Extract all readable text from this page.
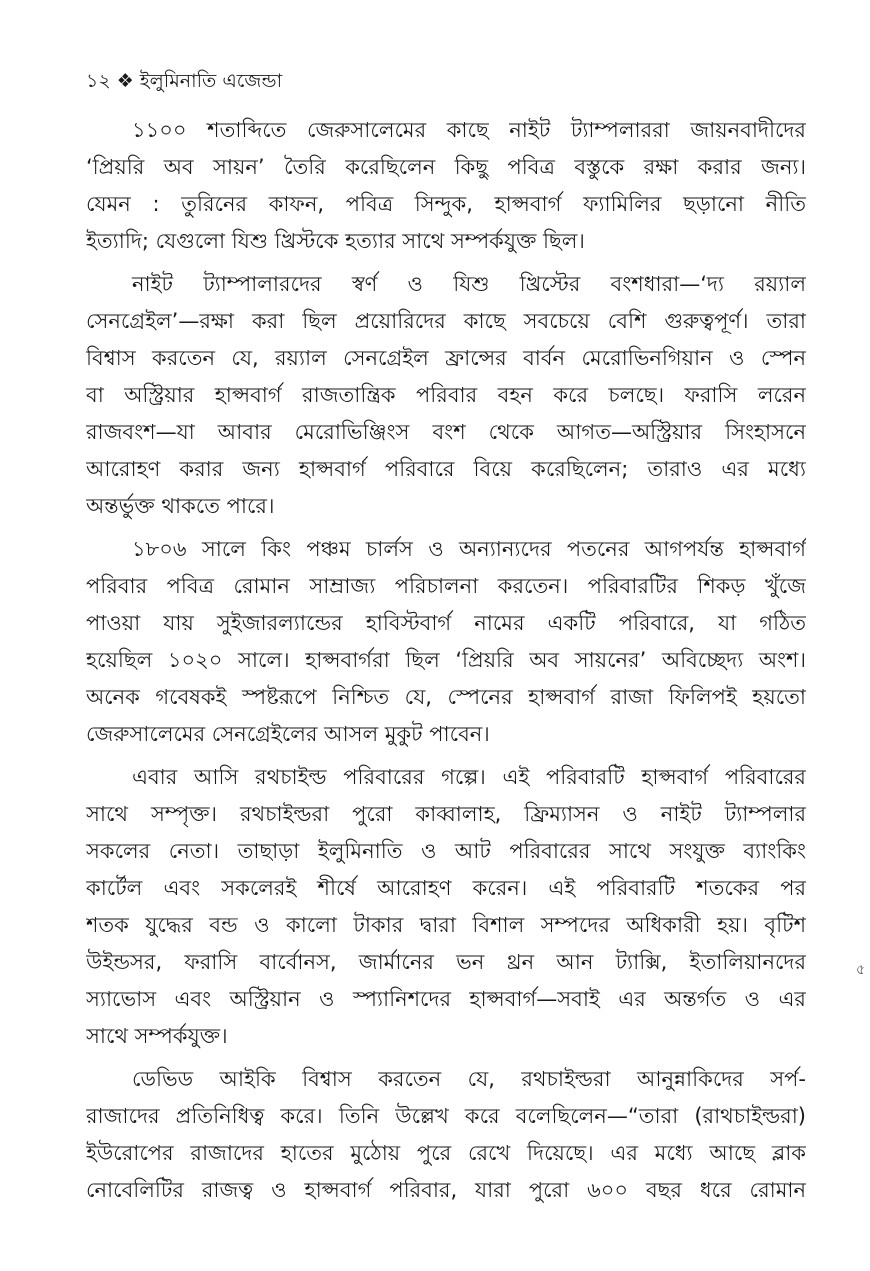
১২ ❖ ইলুমিনাতি এজেন্ডা
১১০০ শতাব্দিতে জেরুসালেমের কাছে নাইট ট্যাম্পলাররা জায়নবাদীদের
‘প্রিয়রি অব সায়ন’ তৈরি করেছিলেন কিছু পবিত্র বস্তুকে রক্ষা করার জন্য।
যেমন : তুরিনের কাফন, পবিত্র সিন্দুক, হাপ্সবার্গ ফ্যামিলির ছড়ানো নীতি
ইত্যাদি; যেগুলো যিশু খ্রিস্টকে হত্যার সাথে সম্পর্কযুক্ত ছিল।
নাইট ট্যাম্পালারদের স্বর্ণ ও যিশু খ্রিস্টের বংশধারা—‘দ্য রয়্যাল
সেনগ্রেইল’—রক্ষা করা ছিল প্রয়োরিদের কাছে সবচেয়ে বেশি গুরুত্বপূর্ণ। তারা
বিশ্বাস করতেন যে, রয়্যাল সেনগ্রেইল ফ্রান্সের বার্বন মেরোভিনগিয়ান ও স্পেন
বা অস্ট্রিয়ার হাপ্সবার্গ রাজতান্ত্রিক পরিবার বহন করে চলছে। ফরাসি লরেন
রাজবংশ—যা আবার মেরোভিঞ্জিংস বংশ থেকে আগত—অস্ট্রিয়ার সিংহাসনে
আরোহণ করার জন্য হাপ্সবার্গ পরিবারে বিয়ে করেছিলেন; তারাও এর মধ্যে
অন্তর্ভুক্ত থাকতে পারে।
১৮০৬ সালে কিং পঞ্চম চার্লস ও অন্যান্যদের পতনের আগপর্যন্ত হাপ্সবার্গ
পরিবার পবিত্র রোমান সাম্রাজ্য পরিচালনা করতেন। পরিবারটির শিকড় খুঁজে
পাওয়া যায় সুইজারল্যান্ডের হাবিস্টবার্গ নামের একটি পরিবারে, যা গঠিত
হয়েছিল ১০২০ সালে। হাপ্সবার্গরা ছিল ‘প্রিয়রি অব সায়নের’ অবিচ্ছেদ্য অংশ।
অনেক গবেষকই স্পষ্টরূপে নিশ্চিত যে, স্পেনের হাপ্সবার্গ রাজা ফিলিপই হয়তো
জেরুসালেমের সেনগ্রেইলের আসল মুকুট পাবেন।
এবার আসি রথচাইল্ড পরিবারের গল্পে। এই পরিবারটি হাপ্সবার্গ পরিবারের
সাথে সম্পৃক্ত। রথচাইল্ডরা পুরো কাব্বালাহ, ফ্রিম্যাসন ও নাইট ট্যাম্পলার
সকলের নেতা। তাছাড়া ইলুমিনাতি ও আট পরিবারের সাথে সংযুক্ত ব্যাংকিং
কার্টেল এবং সকলেরই শীর্ষে আরোহণ করেন। এই পরিবারটি শতকের পর
শতক যুদ্ধের বন্ড ও কালো টাকার দ্বারা বিশাল সম্পদের অধিকারী হয়। বৃটিশ
উইন্ডসর, ফরাসি বার্বোনস, জার্মানের ভন থ্রন আন ট্যাক্সি, ইতালিয়ানদের
স্যাভোস এবং অস্ট্রিয়ান ও স্প্যানিশদের হাপ্সবার্গ—সবাই এর অন্তর্গত ও এর
সাথে সম্পর্কযুক্ত।
ডেভিড আইকি বিশ্বাস করতেন যে, রথচাইল্ডরা আনুন্নাকিদের সর্প-
রাজাদের প্রতিনিধিত্ব করে। তিনি উল্লেখ করে বলেছিলেন—“তারা (রাথচাইল্ডরা)
ইউরোপের রাজাদের হাতের মুঠোয় পুরে রেখে দিয়েছে। এর মধ্যে আছে ব্লাক
নোবেলিটির রাজত্ব ও হাপ্সবার্গ পরিবার, যারা পুরো ৬০০ বছর ধরে রোমান
৫
